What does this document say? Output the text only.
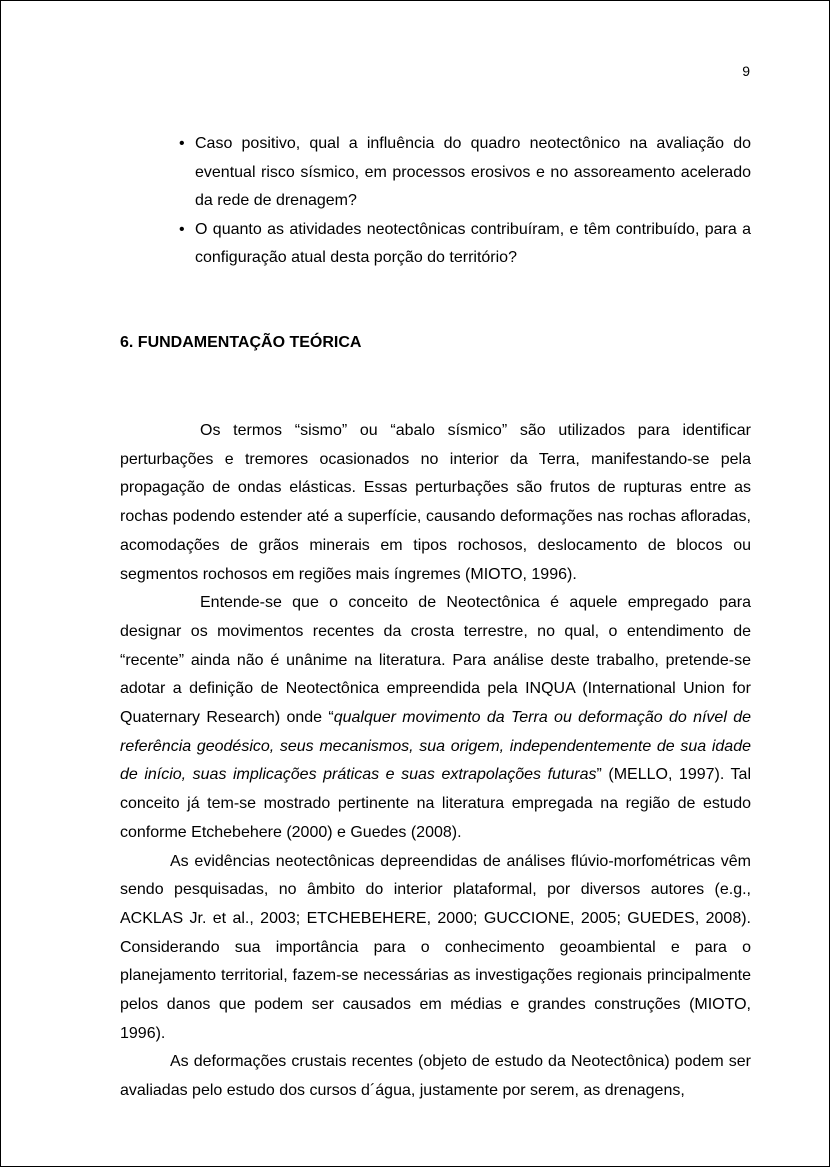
9
• Caso positivo, qual a influência do quadro neotectônico na avaliação do eventual risco sísmico, em processos erosivos e no assoreamento acelerado da rede de drenagem?
• O quanto as atividades neotectônicas contribuíram, e têm contribuído, para a configuração atual desta porção do território?
6. FUNDAMENTAÇÃO TEÓRICA

Os termos “sismo” ou “abalo sísmico” são utilizados para identificar perturbações e tremores ocasionados no interior da Terra, manifestando-se pela propagação de ondas elásticas. Essas perturbações são frutos de rupturas entre as rochas podendo estender até a superfície, causando deformações nas rochas afloradas, acomodações de grãos minerais em tipos rochosos, deslocamento de blocos ou segmentos rochosos em regiões mais íngremes (MIOTO, 1996).

Entende-se que o conceito de Neotectônica é aquele empregado para designar os movimentos recentes da crosta terrestre, no qual, o entendimento de “recente” ainda não é unânime na literatura. Para análise deste trabalho, pretende-se adotar a definição de Neotectônica empreendida pela INQUA (International Union for Quaternary Research) onde “qualquer movimento da Terra ou deformação do nível de referência geodésico, seus mecanismos, sua origem, independentemente de sua idade de início, suas implicações práticas e suas extrapolações futuras” (MELLO, 1997). Tal conceito já tem-se mostrado pertinente na literatura empregada na região de estudo conforme Etchebehere (2000) e Guedes (2008).

As evidências neotectônicas depreendidas de análises flúvio-morfométricas vêm sendo pesquisadas, no âmbito do interior plataformal, por diversos autores (e.g., ACKLAS Jr. et al., 2003; ETCHEBEHERE, 2000; GUCCIONE, 2005; GUEDES, 2008). Considerando sua importância para o conhecimento geoambiental e para o planejamento territorial, fazem-se necessárias as investigações regionais principalmente pelos danos que podem ser causados em médias e grandes construções (MIOTO, 1996).

As deformações crustais recentes (objeto de estudo da Neotectônica) podem ser avaliadas pelo estudo dos cursos d´água, justamente por serem, as drenagens,
